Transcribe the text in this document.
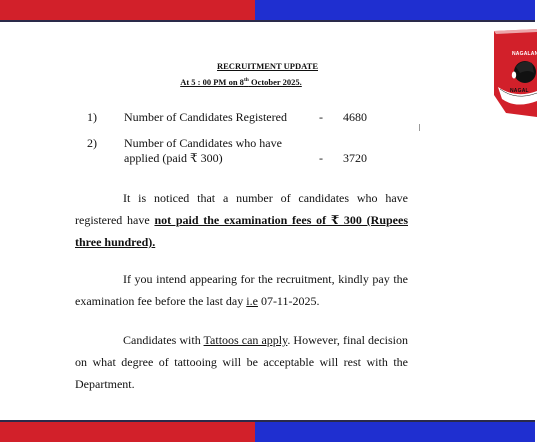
NAGALAN
NAGAL
RECRUITMENT UPDATE
At 5 : 00 PM on 8th October 2025.
1) Number of Candidates Registered	- 4680
2) Number of Candidates who have applied (paid ₹ 300)	- 3720

It is noticed that a number of candidates who have registered have not paid the examination fees of ₹ 300 (Rupees three hundred).

If you intend appearing for the recruitment, kindly pay the examination fee before the last day i.e 07-11-2025.

Candidates with Tattoos can apply. However, final decision on what degree of tattooing will be acceptable will rest with the Department.
